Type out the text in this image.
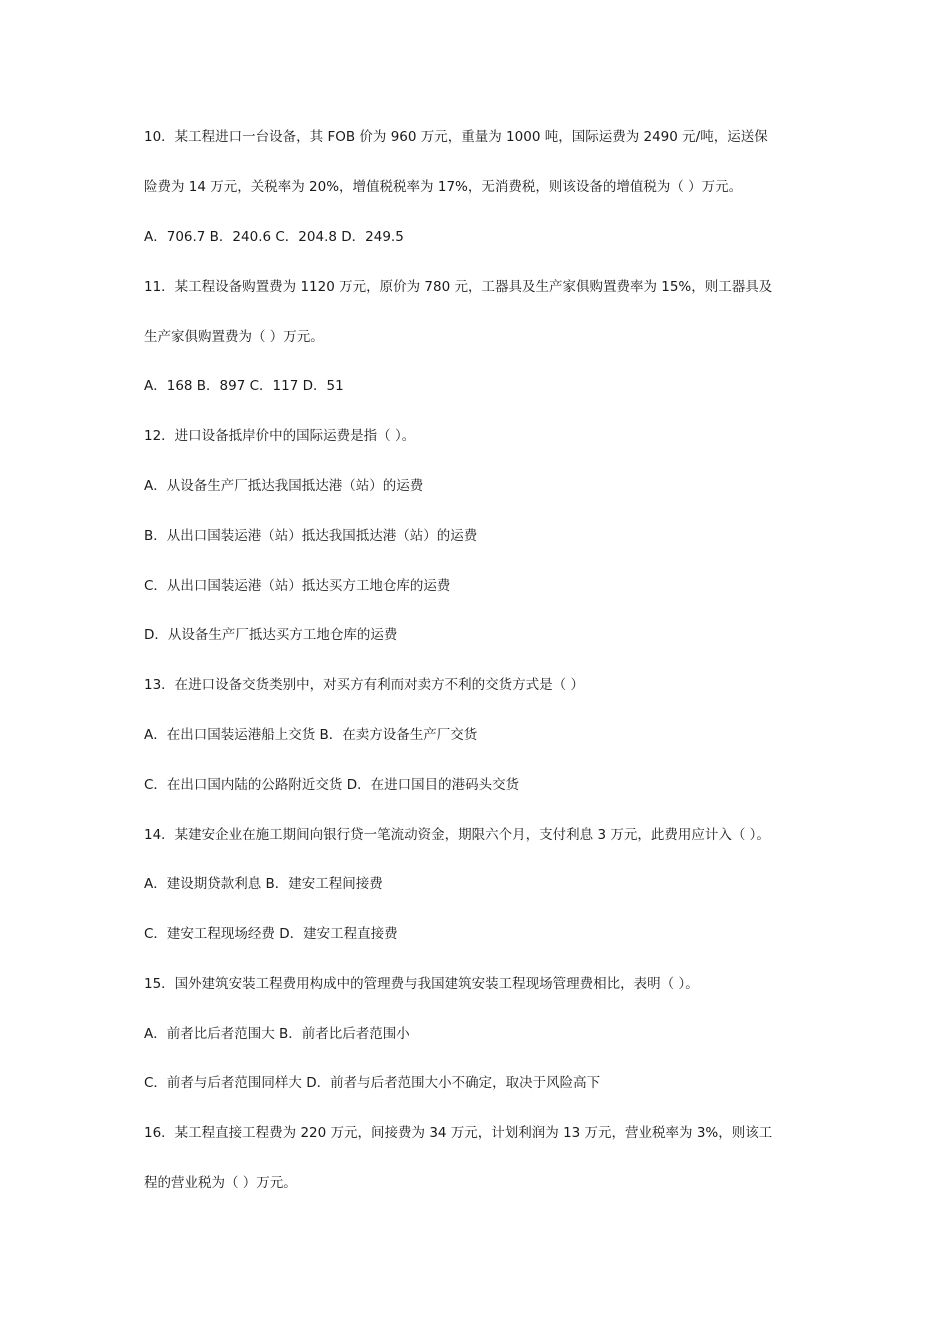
10．某工程进口一台设备，其 FOB 价为 960 万元，重量为 1000 吨，国际运费为 2490 元/吨，运送保
险费为 14 万元，关税率为 20%，增值税税率为 17%，无消费税，则该设备的增值税为（ ）万元。
A．706.7 B．240.6 C．204.8 D．249.5
11．某工程设备购置费为 1120 万元，原价为 780 元，工器具及生产家俱购置费率为 15%，则工器具及
生产家俱购置费为（ ）万元。
A．168 B．897 C．117 D．51
12．进口设备抵岸价中的国际运费是指（ ）。
A．从设备生产厂抵达我国抵达港（站）的运费
B．从出口国装运港（站）抵达我国抵达港（站）的运费
C．从出口国装运港（站）抵达买方工地仓库的运费
D．从设备生产厂抵达买方工地仓库的运费
13．在进口设备交货类别中，对买方有利而对卖方不利的交货方式是（ ）
A．在出口国装运港船上交货 B．在卖方设备生产厂交货
C．在出口国内陆的公路附近交货 D．在进口国目的港码头交货
14．某建安企业在施工期间向银行贷一笔流动资金，期限六个月，支付利息 3 万元，此费用应计入（ ）。
A．建设期贷款利息 B．建安工程间接费
C．建安工程现场经费 D．建安工程直接费
15．国外建筑安装工程费用构成中的管理费与我国建筑安装工程现场管理费相比，表明（ ）。
A．前者比后者范围大 B．前者比后者范围小
C．前者与后者范围同样大 D．前者与后者范围大小不确定，取决于风险高下
16．某工程直接工程费为 220 万元，间接费为 34 万元，计划利润为 13 万元，营业税率为 3%，则该工
程的营业税为（ ）万元。
